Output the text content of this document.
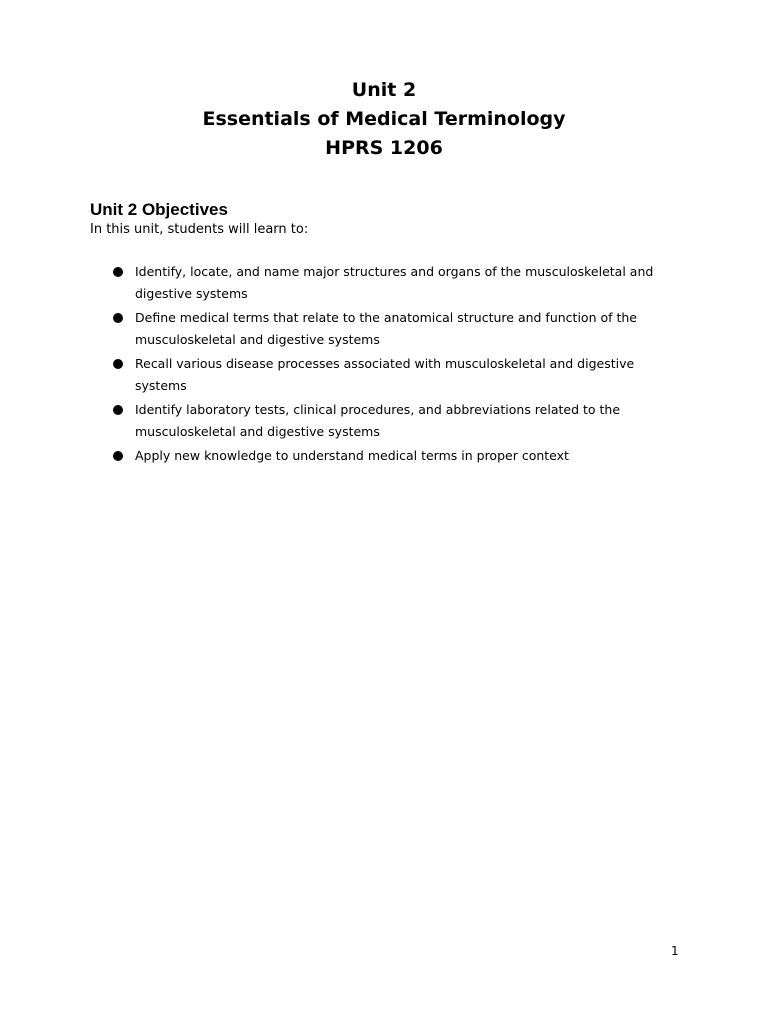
Unit 2
Essentials of Medical Terminology
HPRS 1206
Unit 2 Objectives
In this unit, students will learn to:
Identify, locate, and name major structures and organs of the musculoskeletal and digestive systems
Define medical terms that relate to the anatomical structure and function of the musculoskeletal and digestive systems
Recall various disease processes associated with musculoskeletal and digestive systems
Identify laboratory tests, clinical procedures, and abbreviations related to the musculoskeletal and digestive systems
Apply new knowledge to understand medical terms in proper context
1
